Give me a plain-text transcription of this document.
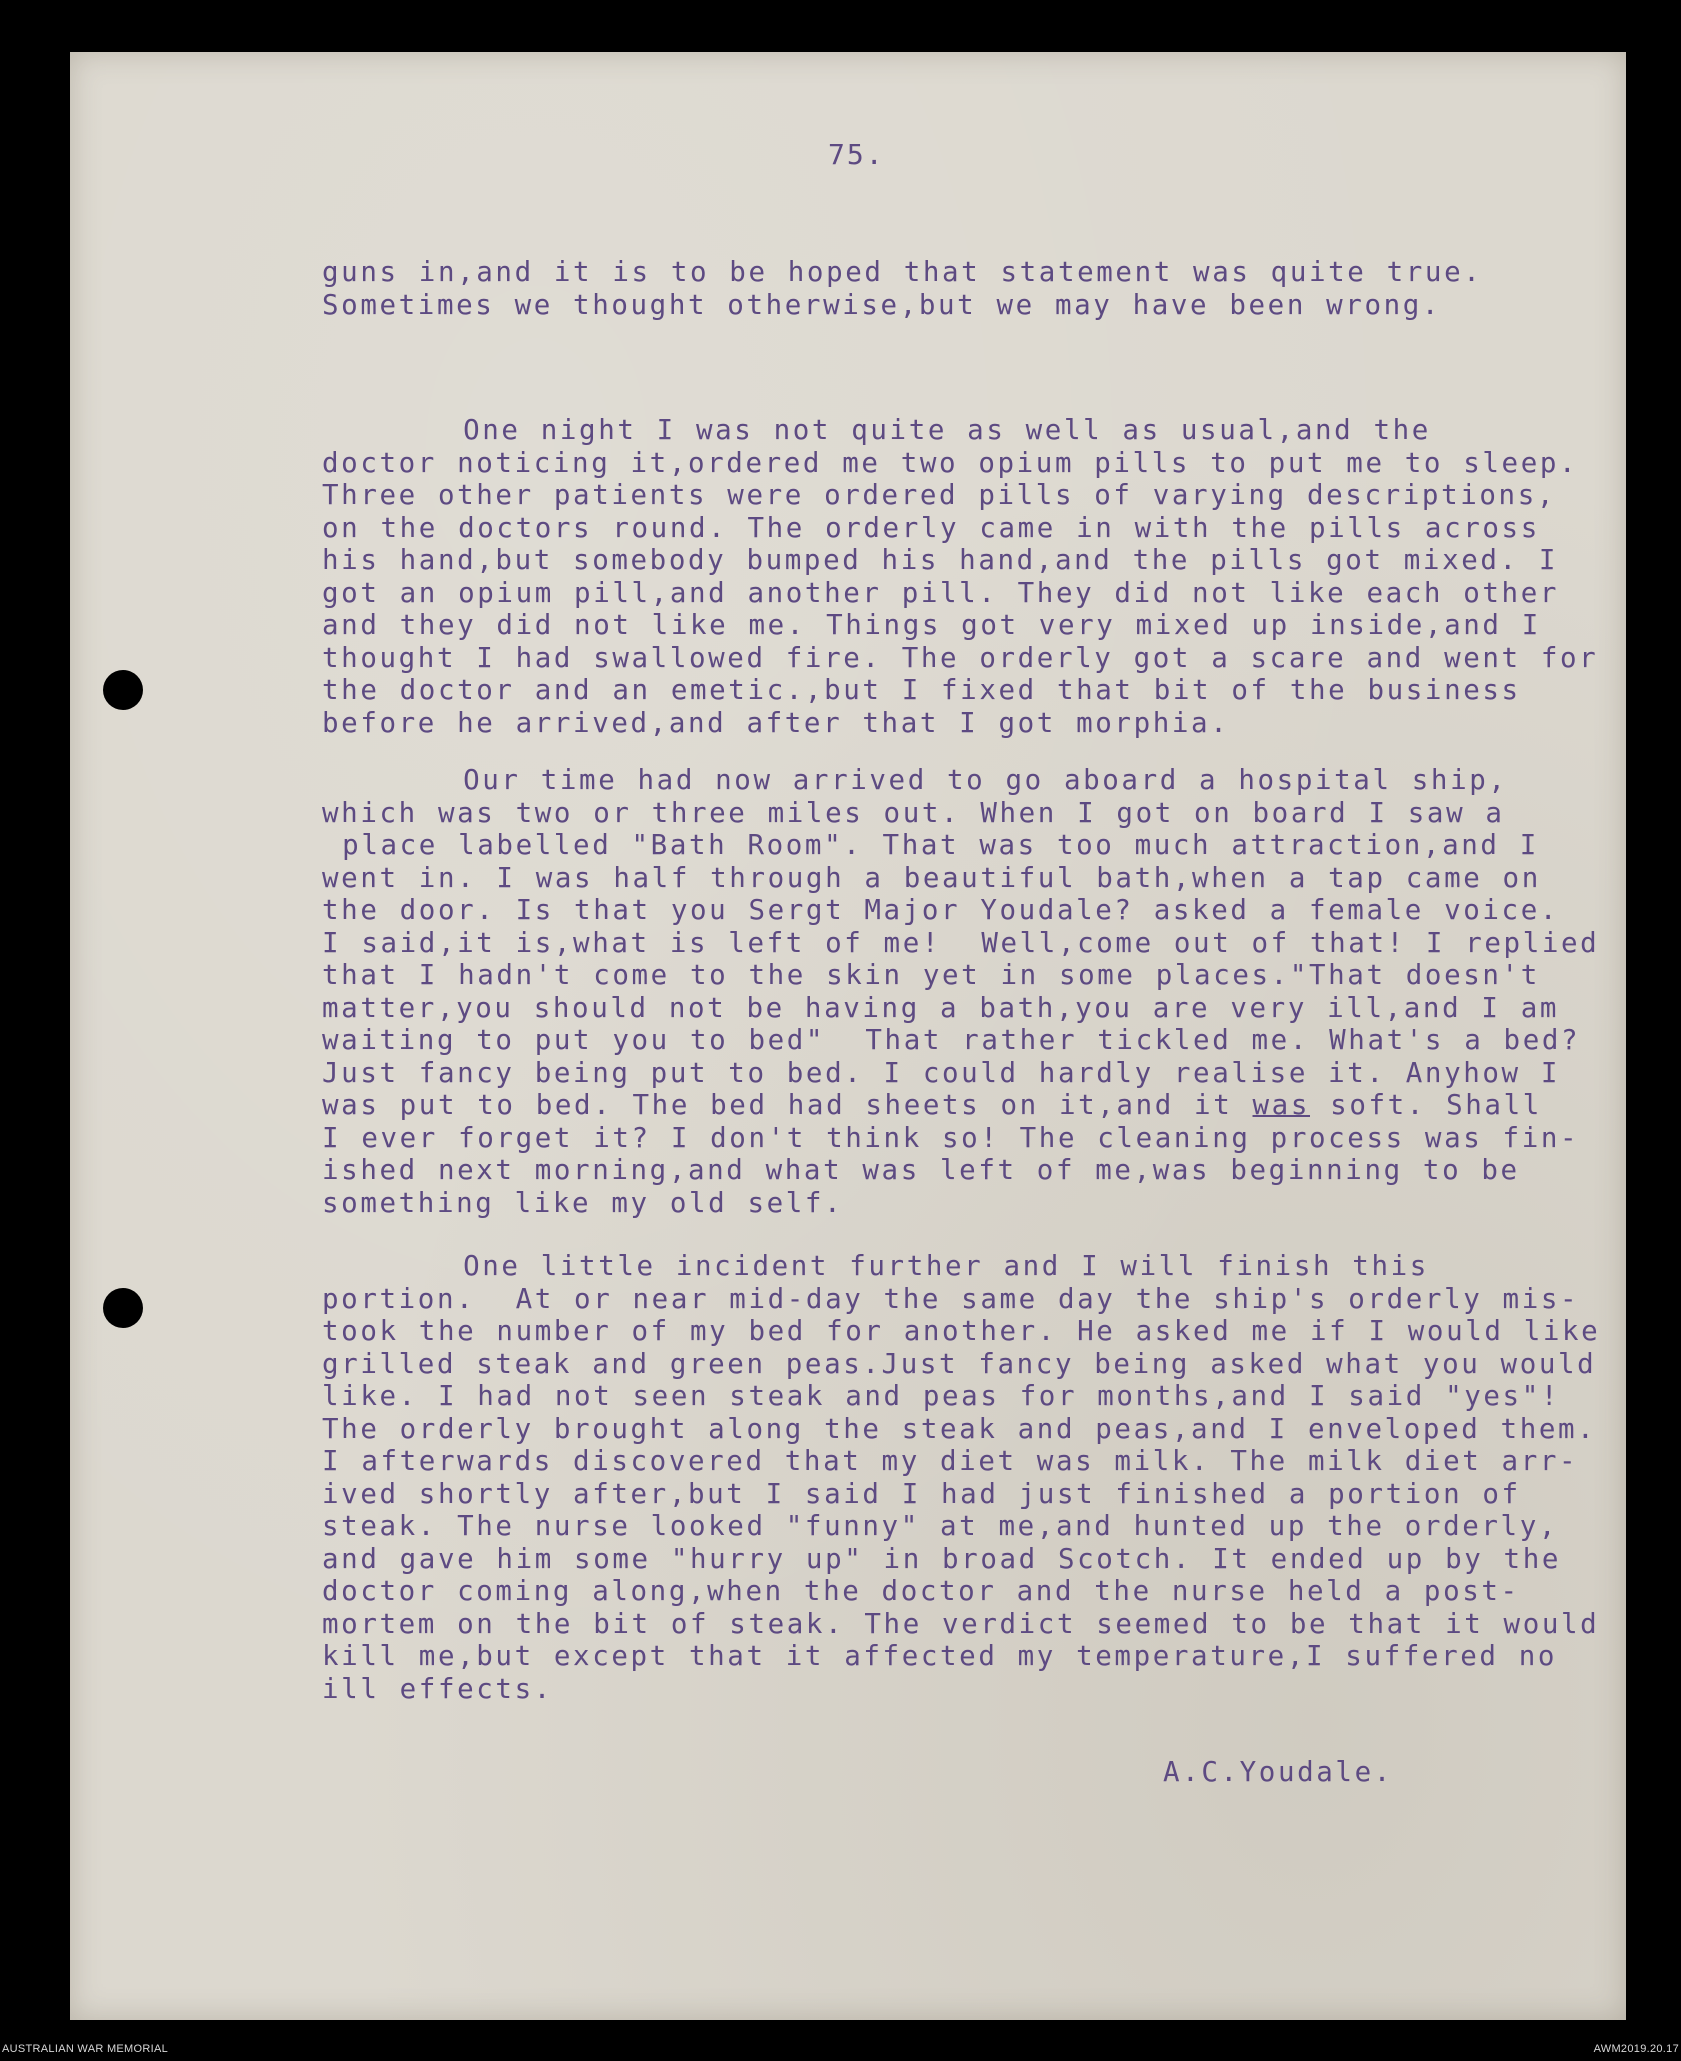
75.
guns in,and it is to be hoped that statement was quite true.
Sometimes we thought otherwise,but we may have been wrong.
One night I was not quite as well as usual,and the
doctor noticing it,ordered me two opium pills to put me to sleep.
Three other patients were ordered pills of varying descriptions,
on the doctors round. The orderly came in with the pills across
his hand,but somebody bumped his hand,and the pills got mixed. I
got an opium pill,and another pill. They did not like each other
and they did not like me. Things got very mixed up inside,and I
thought I had swallowed fire. The orderly got a scare and went for
the doctor and an emetic.,but I fixed that bit of the business
before he arrived,and after that I got morphia.
Our time had now arrived to go aboard a hospital ship,
which was two or three miles out. When I got on board I saw a
place labelled "Bath Room". That was too much attraction,and I
went in. I was half through a beautiful bath,when a tap came on
the door. Is that you Sergt Major Youdale? asked a female voice.
I said,it is,what is left of me!  Well,come out of that! I replied
that I hadn't come to the skin yet in some places."That doesn't
matter,you should not be having a bath,you are very ill,and I am
waiting to put you to bed"  That rather tickled me. What's a bed?
Just fancy being put to bed. I could hardly realise it. Anyhow I
was put to bed. The bed had sheets on it,and it was soft. Shall
I ever forget it? I don't think so! The cleaning process was fin-
ished next morning,and what was left of me,was beginning to be
something like my old self.
One little incident further and I will finish this
portion.  At or near mid-day the same day the ship's orderly mis-
took the number of my bed for another. He asked me if I would like
grilled steak and green peas.Just fancy being asked what you would
like. I had not seen steak and peas for months,and I said "yes"!
The orderly brought along the steak and peas,and I enveloped them.
I afterwards discovered that my diet was milk. The milk diet arr-
ived shortly after,but I said I had just finished a portion of
steak. The nurse looked "funny" at me,and hunted up the orderly,
and gave him some "hurry up" in broad Scotch. It ended up by the
doctor coming along,when the doctor and the nurse held a post-
mortem on the bit of steak. The verdict seemed to be that it would
kill me,but except that it affected my temperature,I suffered no
ill effects.
A.C.Youdale.
AUSTRALIAN WAR MEMORIAL	AWM2019.20.17
